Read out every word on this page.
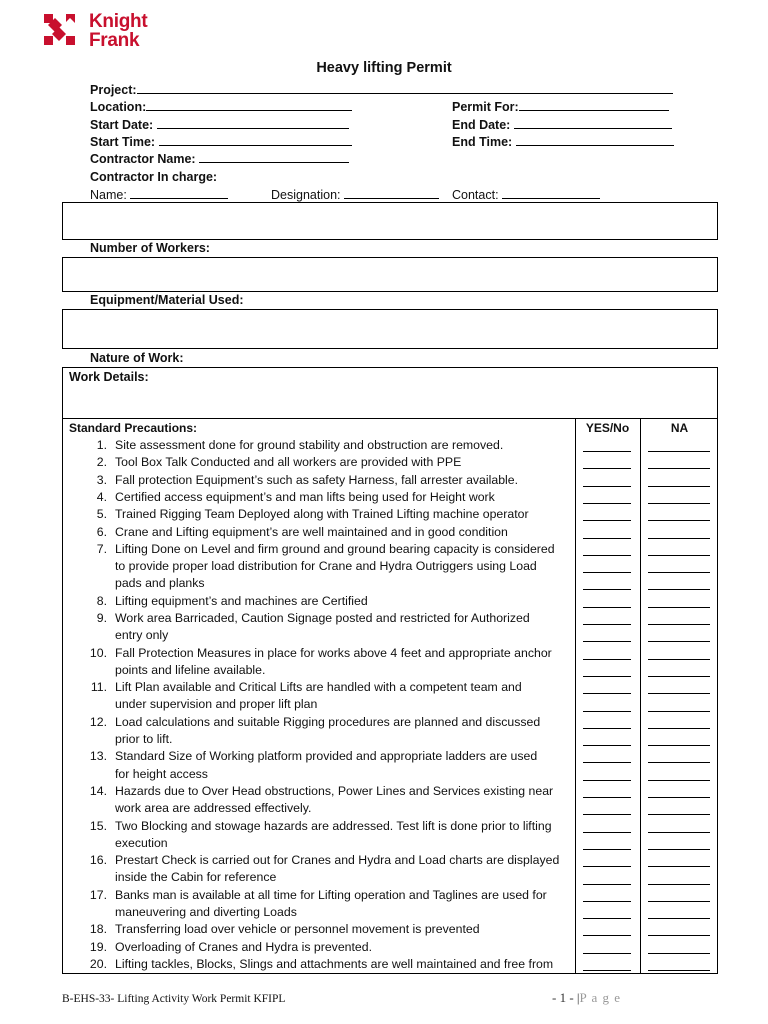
Knight
Frank
Heavy lifting Permit
Project:
Location:	Permit For:
Start Date:	End Date:
Start Time:	End Time:
Contractor Name:
Contractor In charge:
Name:	Designation:	Contact:
Number of Workers:
Equipment/Material Used:
Nature of Work:
Work Details:
Standard Precautions:	YES/No	NA
1. Site assessment done for ground stability and obstruction are removed.
2. Tool Box Talk Conducted and all workers are provided with PPE
3. Fall protection Equipment’s such as safety Harness, fall arrester available.
4. Certified access equipment’s and man lifts being used for Height work
5. Trained Rigging Team Deployed along with Trained Lifting machine operator
6. Crane and Lifting equipment’s are well maintained and in good condition
7. Lifting Done on Level and firm ground and ground bearing capacity is considered
to provide proper load distribution for Crane and Hydra Outriggers using Load
pads and planks
8. Lifting equipment’s and machines are Certified
9. Work area Barricaded, Caution Signage posted and restricted for Authorized
entry only
10. Fall Protection Measures in place for works above 4 feet and appropriate anchor
points and lifeline available.
11. Lift Plan available and Critical Lifts are handled with a competent team and
under supervision and proper lift plan
12. Load calculations and suitable Rigging procedures are planned and discussed
prior to lift.
13. Standard Size of Working platform provided and appropriate ladders are used
for height access
14. Hazards due to Over Head obstructions, Power Lines and Services existing near
work area are addressed effectively.
15. Two Blocking and stowage hazards are addressed. Test lift is done prior to lifting
execution
16. Prestart Check is carried out for Cranes and Hydra and Load charts are displayed
inside the Cabin for reference
17. Banks man is available at all time for Lifting operation and Taglines are used for
maneuvering and diverting Loads
18. Transferring load over vehicle or personnel movement is prevented
19. Overloading of Cranes and Hydra is prevented.
20. Lifting tackles, Blocks, Slings and attachments are well maintained and free from
B-EHS-33- Lifting Activity Work Permit KFIPL	- 1 - |P a g e
